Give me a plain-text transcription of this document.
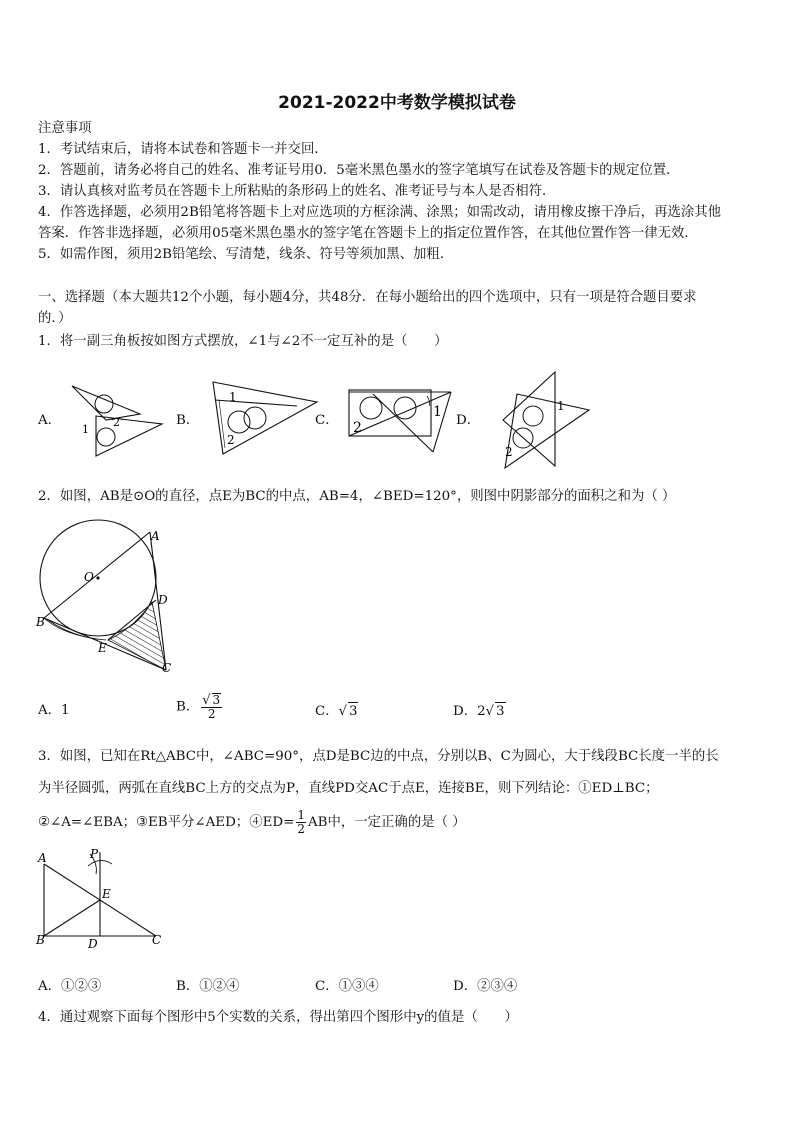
2021-2022中考数学模拟试卷
注意事项
1．考试结束后，请将本试卷和答题卡一并交回．
2．答题前，请务必将自己的姓名、准考证号用0．5毫米黑色墨水的签字笔填写在试卷及答题卡的规定位置．
3．请认真核对监考员在答题卡上所粘贴的条形码上的姓名、准考证号与本人是否相符．
4．作答选择题，必须用2B铅笔将答题卡上对应选项的方框涂满、涂黑；如需改动，请用橡皮擦干净后，再选涂其他
答案．作答非选择题，必须用05毫米黑色墨水的签字笔在答题卡上的指定位置作答，在其他位置作答一律无效．
5．如需作图，须用2B铅笔绘、写清楚，线条、符号等须加黑、加粗．
一、选择题（本大题共12个小题，每小题4分，共48分．在每小题给出的四个选项中，只有一项是符合题目要求
的．）
1．将一副三角板按如图方式摆放，∠1与∠2不一定互补的是（　　）
A．
1
2	B．
1
2
C．
1
2	D．
1
2
2．如图，AB是⊙O的直径，点E为BC的中点，AB=4，∠BED=120°，则图中阴影部分的面积之和为（ ）
A
O
D
B
E
C
A．1	B． $\frac{√ 3}{2}$	C．√ 3	D．2√ 3
3．如图，已知在Rt△ABC中，∠ABC=90°，点D是BC边的中点，分别以B、C为圆心，大于线段BC长度一半的长
为半径圆弧，两弧在直线BC上方的交点为P，直线PD交AC于点E，连接BE，则下列结论：①ED⊥BC；
②∠A=∠EBA；③EB平分∠AED；④ED= $\frac{1}{2}$ AB中，一定正确的是（ ）
P
A
E
B	D	C
A．①②③	B．①②④	C．①③④	D．②③④
4．通过观察下面每个图形中5个实数的关系，得出第四个图形中y的值是（　　）
